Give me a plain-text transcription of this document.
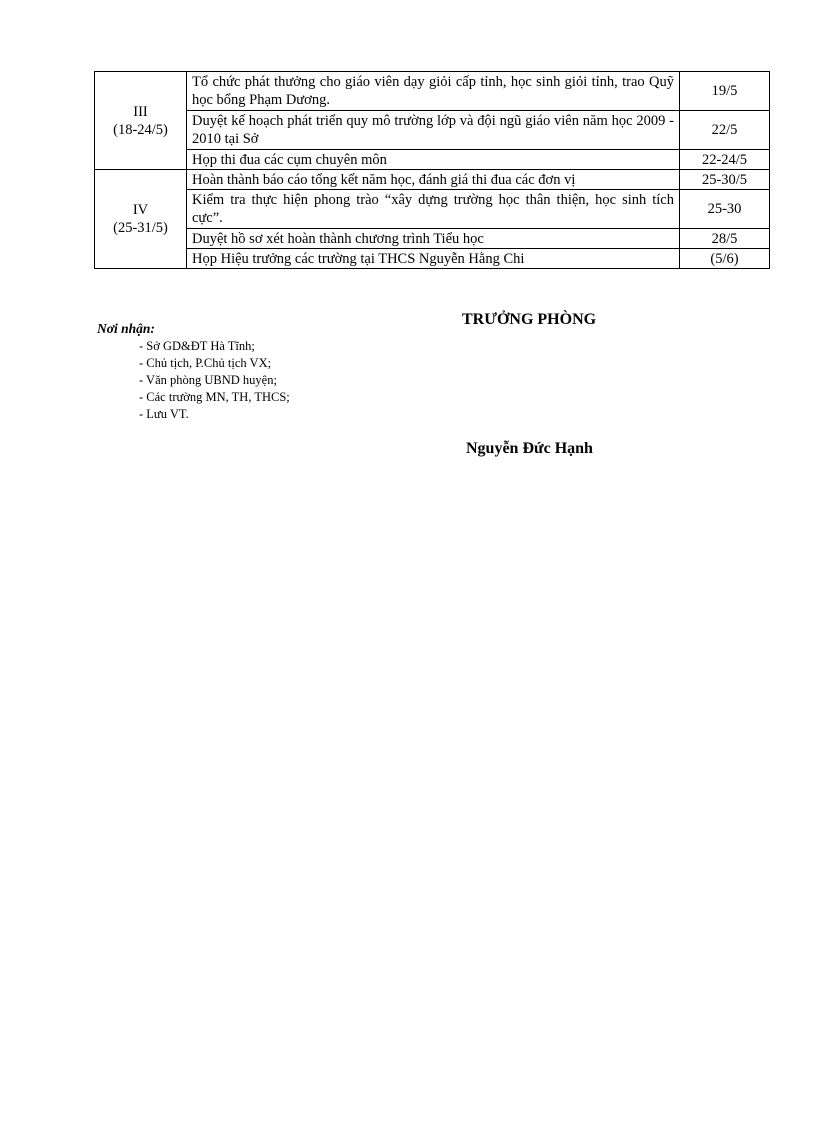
III
(18-24/5)	Tổ chức phát thưởng cho giáo viên dạy giỏi cấp tỉnh, học sinh giỏi tỉnh, trao Quỹ học bổng Phạm Dương.	19/5
	Duyệt kế hoạch phát triển quy mô trường lớp và đội ngũ giáo viên năm học 2009 - 2010 tại Sở	22/5
	Họp thi đua các cụm chuyên môn	22-24/5

IV
(25-31/5)	Hoàn thành báo cáo tổng kết năm học, đánh giá thi đua các đơn vị	25-30/5
	Kiểm tra thực hiện phong trào “xây dựng trường học thân thiện, học sinh tích cực”.	25-30
	Duyệt hồ sơ xét hoàn thành chương trình Tiểu học	28/5
	Họp Hiệu trưởng các trường tại THCS Nguyễn Hằng Chi	(5/6)
Nơi nhận:
- Sở GD&ĐT Hà Tĩnh;
- Chủ tịch, P.Chủ tịch VX;
- Văn phòng UBND huyện;
- Các trường MN, TH, THCS;
- Lưu VT.
TRƯỞNG PHÒNG
Nguyễn Đức Hạnh
